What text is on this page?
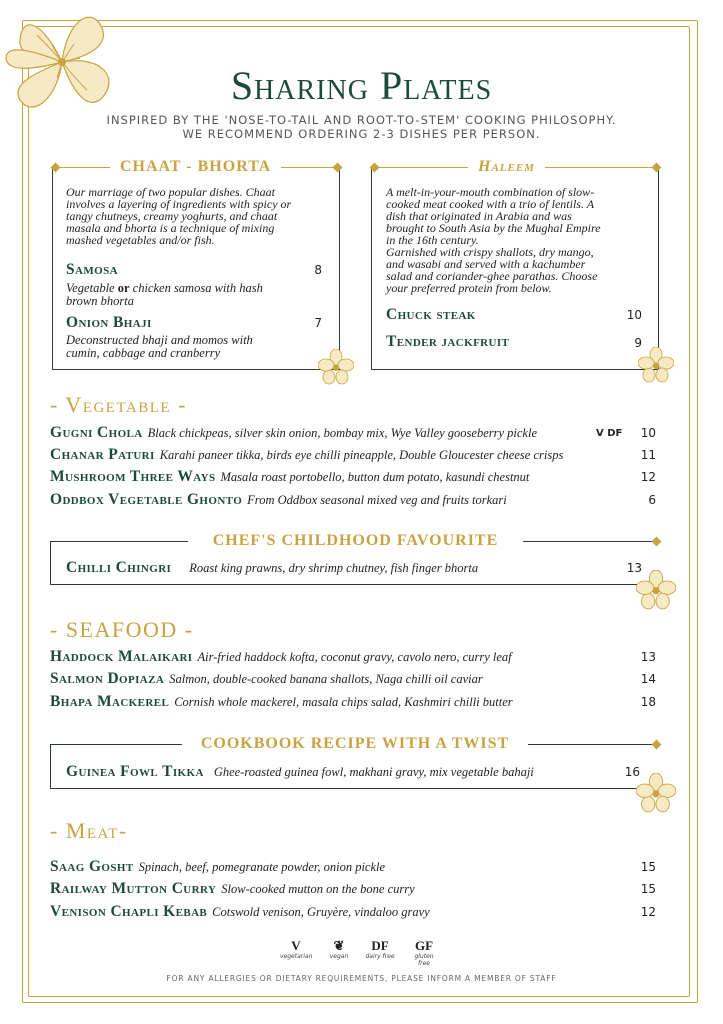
Sharing Plates
INSPIRED BY THE 'NOSE-TO-TAIL AND ROOT-TO-STEM' COOKING PHILOSOPHY.
WE RECOMMEND ORDERING 2-3 DISHES PER PERSON.
CHAAT - BHORTA
Our marriage of two popular dishes. Chaat
involves a layering of ingredients with spicy or
tangy chutneys, creamy yoghurts, and chaat
masala and bhorta is a technique of mixing
mashed vegetables and/or fish.
Samosa	8
Vegetable or chicken samosa with hash
brown bhorta
Onion Bhaji	7
Deconstructed bhaji and momos with
cumin, cabbage and cranberry
Haleem
A melt-in-your-mouth combination of slow-
cooked meat cooked with a trio of lentils. A
dish that originated in Arabia and was
brought to South Asia by the Mughal Empire
in the 16th century.
Garnished with crispy shallots, dry mango,
and wasabi and served with a kachumber
salad and coriander-ghee parathas. Choose
your preferred protein from below.
Chuck steak	10
Tender jackfruit	9
- Vegetable -
Gugni Chola Black chickpeas, silver skin onion, bombay mix, Wye Valley gooseberry pickle	V DF	10
Chanar Paturi Karahi paneer tikka, birds eye chilli pineapple, Double Gloucester cheese crisps	11
Mushroom Three Ways Masala roast portobello, button dum potato, kasundi chestnut	12
Oddbox Vegetable Ghonto From Oddbox seasonal mixed veg and fruits torkari	6
CHEF'S CHILDHOOD FAVOURITE
Chilli Chingri Roast king prawns, dry shrimp chutney, fish finger bhorta	13
- SEAFOOD -
Haddock Malaikari Air-fried haddock kofta, coconut gravy, cavolo nero, curry leaf	13
Salmon Dopiaza Salmon, double-cooked banana shallots, Naga chilli oil caviar	14
Bhapa Mackerel Cornish whole mackerel, masala chips salad, Kashmiri chilli butter	18
COOKBOOK RECIPE WITH A TWIST
Guinea Fowl Tikka Ghee-roasted guinea fowl, makhani gravy, mix vegetable bahaji	16
- Meat-
Saag Gosht Spinach, beef, pomegranate powder, onion pickle	15
Railway Mutton Curry Slow-cooked mutton on the bone curry	15
Venison Chapli Kebab Cotswold venison, Gruyère, vindaloo gravy	12
V
vegetarian
❦
vegan
DF
dairy free
GF
gluten free
FOR ANY ALLERGIES OR DIETARY REQUIREMENTS, PLEASE INFORM A MEMBER OF STAFF
